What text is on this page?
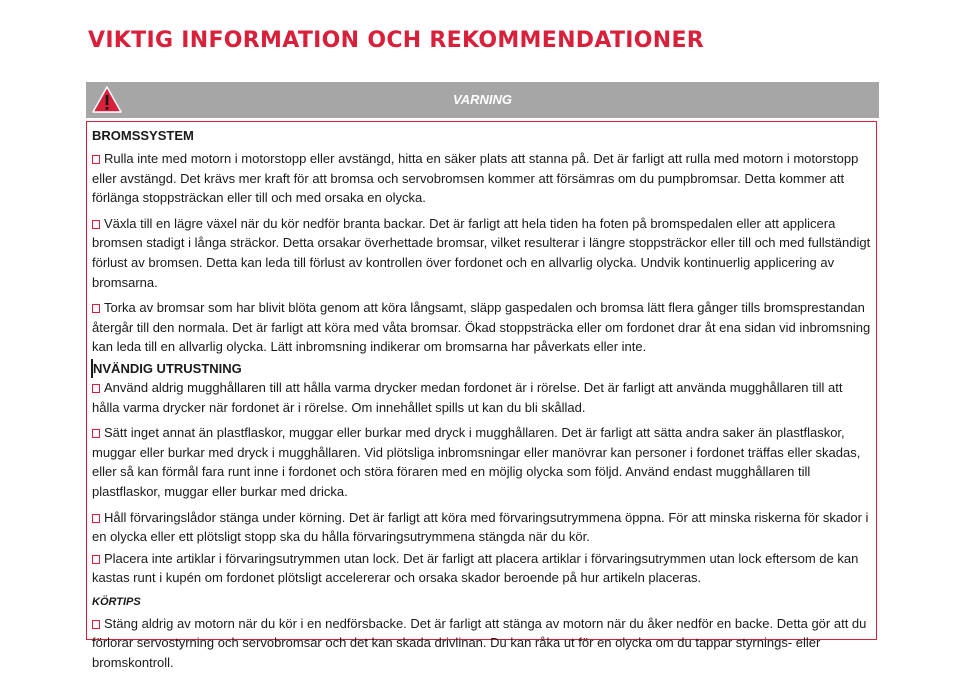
VIKTIG INFORMATION OCH REKOMMENDATIONER
VARNING
BROMSSYSTEM

Rulla inte med motorn i motorstopp eller avstängd, hitta en säker plats att stanna på. Det är farligt att rulla med motorn i motorstopp eller avstängd. Det krävs mer kraft för att bromsa och servobromsen kommer att försämras om du pumpbromsar. Detta kommer att förlänga stoppsträckan eller till och med orsaka en olycka.

Växla till en lägre växel när du kör nedför branta backar. Det är farligt att hela tiden ha foten på bromspedalen eller att applicera bromsen stadigt i långa sträckor. Detta orsakar överhettade bromsar, vilket resulterar i längre stoppsträckor eller till och med fullständigt förlust av bromsen. Detta kan leda till förlust av kontrollen över fordonet och en allvarlig olycka. Undvik kontinuerlig applicering av bromsarna.

Torka av bromsar som har blivit blöta genom att köra långsamt, släpp gaspedalen och bromsa lätt flera gånger tills bromsprestandan återgår till den normala. Det är farligt att köra med våta bromsar. Ökad stoppsträcka eller om fordonet drar åt ena sidan vid inbromsning kan leda till en allvarlig olycka. Lätt inbromsning indikerar om bromsarna har påverkats eller inte.

NVÄNDIG UTRUSTNING

Använd aldrig mugghållaren till att hålla varma drycker medan fordonet är i rörelse. Det är farligt att använda mugghållaren till att hålla varma drycker när fordonet är i rörelse. Om innehållet spills ut kan du bli skållad.

Sätt inget annat än plastflaskor, muggar eller burkar med dryck i mugghållaren. Det är farligt att sätta andra saker än plastflaskor, muggar eller burkar med dryck i mugghållaren. Vid plötsliga inbromsningar eller manövrar kan personer i fordonet träffas eller skadas, eller så kan förmål fara runt inne i fordonet och störa föraren med en möjlig olycka som följd. Använd endast mugghållaren till plastflaskor, muggar eller burkar med dricka.

Håll förvaringslådor stänga under körning. Det är farligt att köra med förvaringsutrymmena öppna. För att minska riskerna för skador i en olycka eller ett plötsligt stopp ska du hålla förvaringsutrymmena stängda när du kör.

Placera inte artiklar i förvaringsutrymmen utan lock. Det är farligt att placera artiklar i förvaringsutrymmen utan lock eftersom de kan kastas runt i kupén om fordonet plötsligt accelererar och orsaka skador beroende på hur artikeln placeras.

KÖRTIPS

Stäng aldrig av motorn när du kör i en nedförsbacke. Det är farligt att stänga av motorn när du åker nedför en backe. Detta gör att du förlorar servostyrning och servobromsar och det kan skada drivlinan. Du kan råka ut för en olycka om du tappar styrnings- eller bromskontroll.
